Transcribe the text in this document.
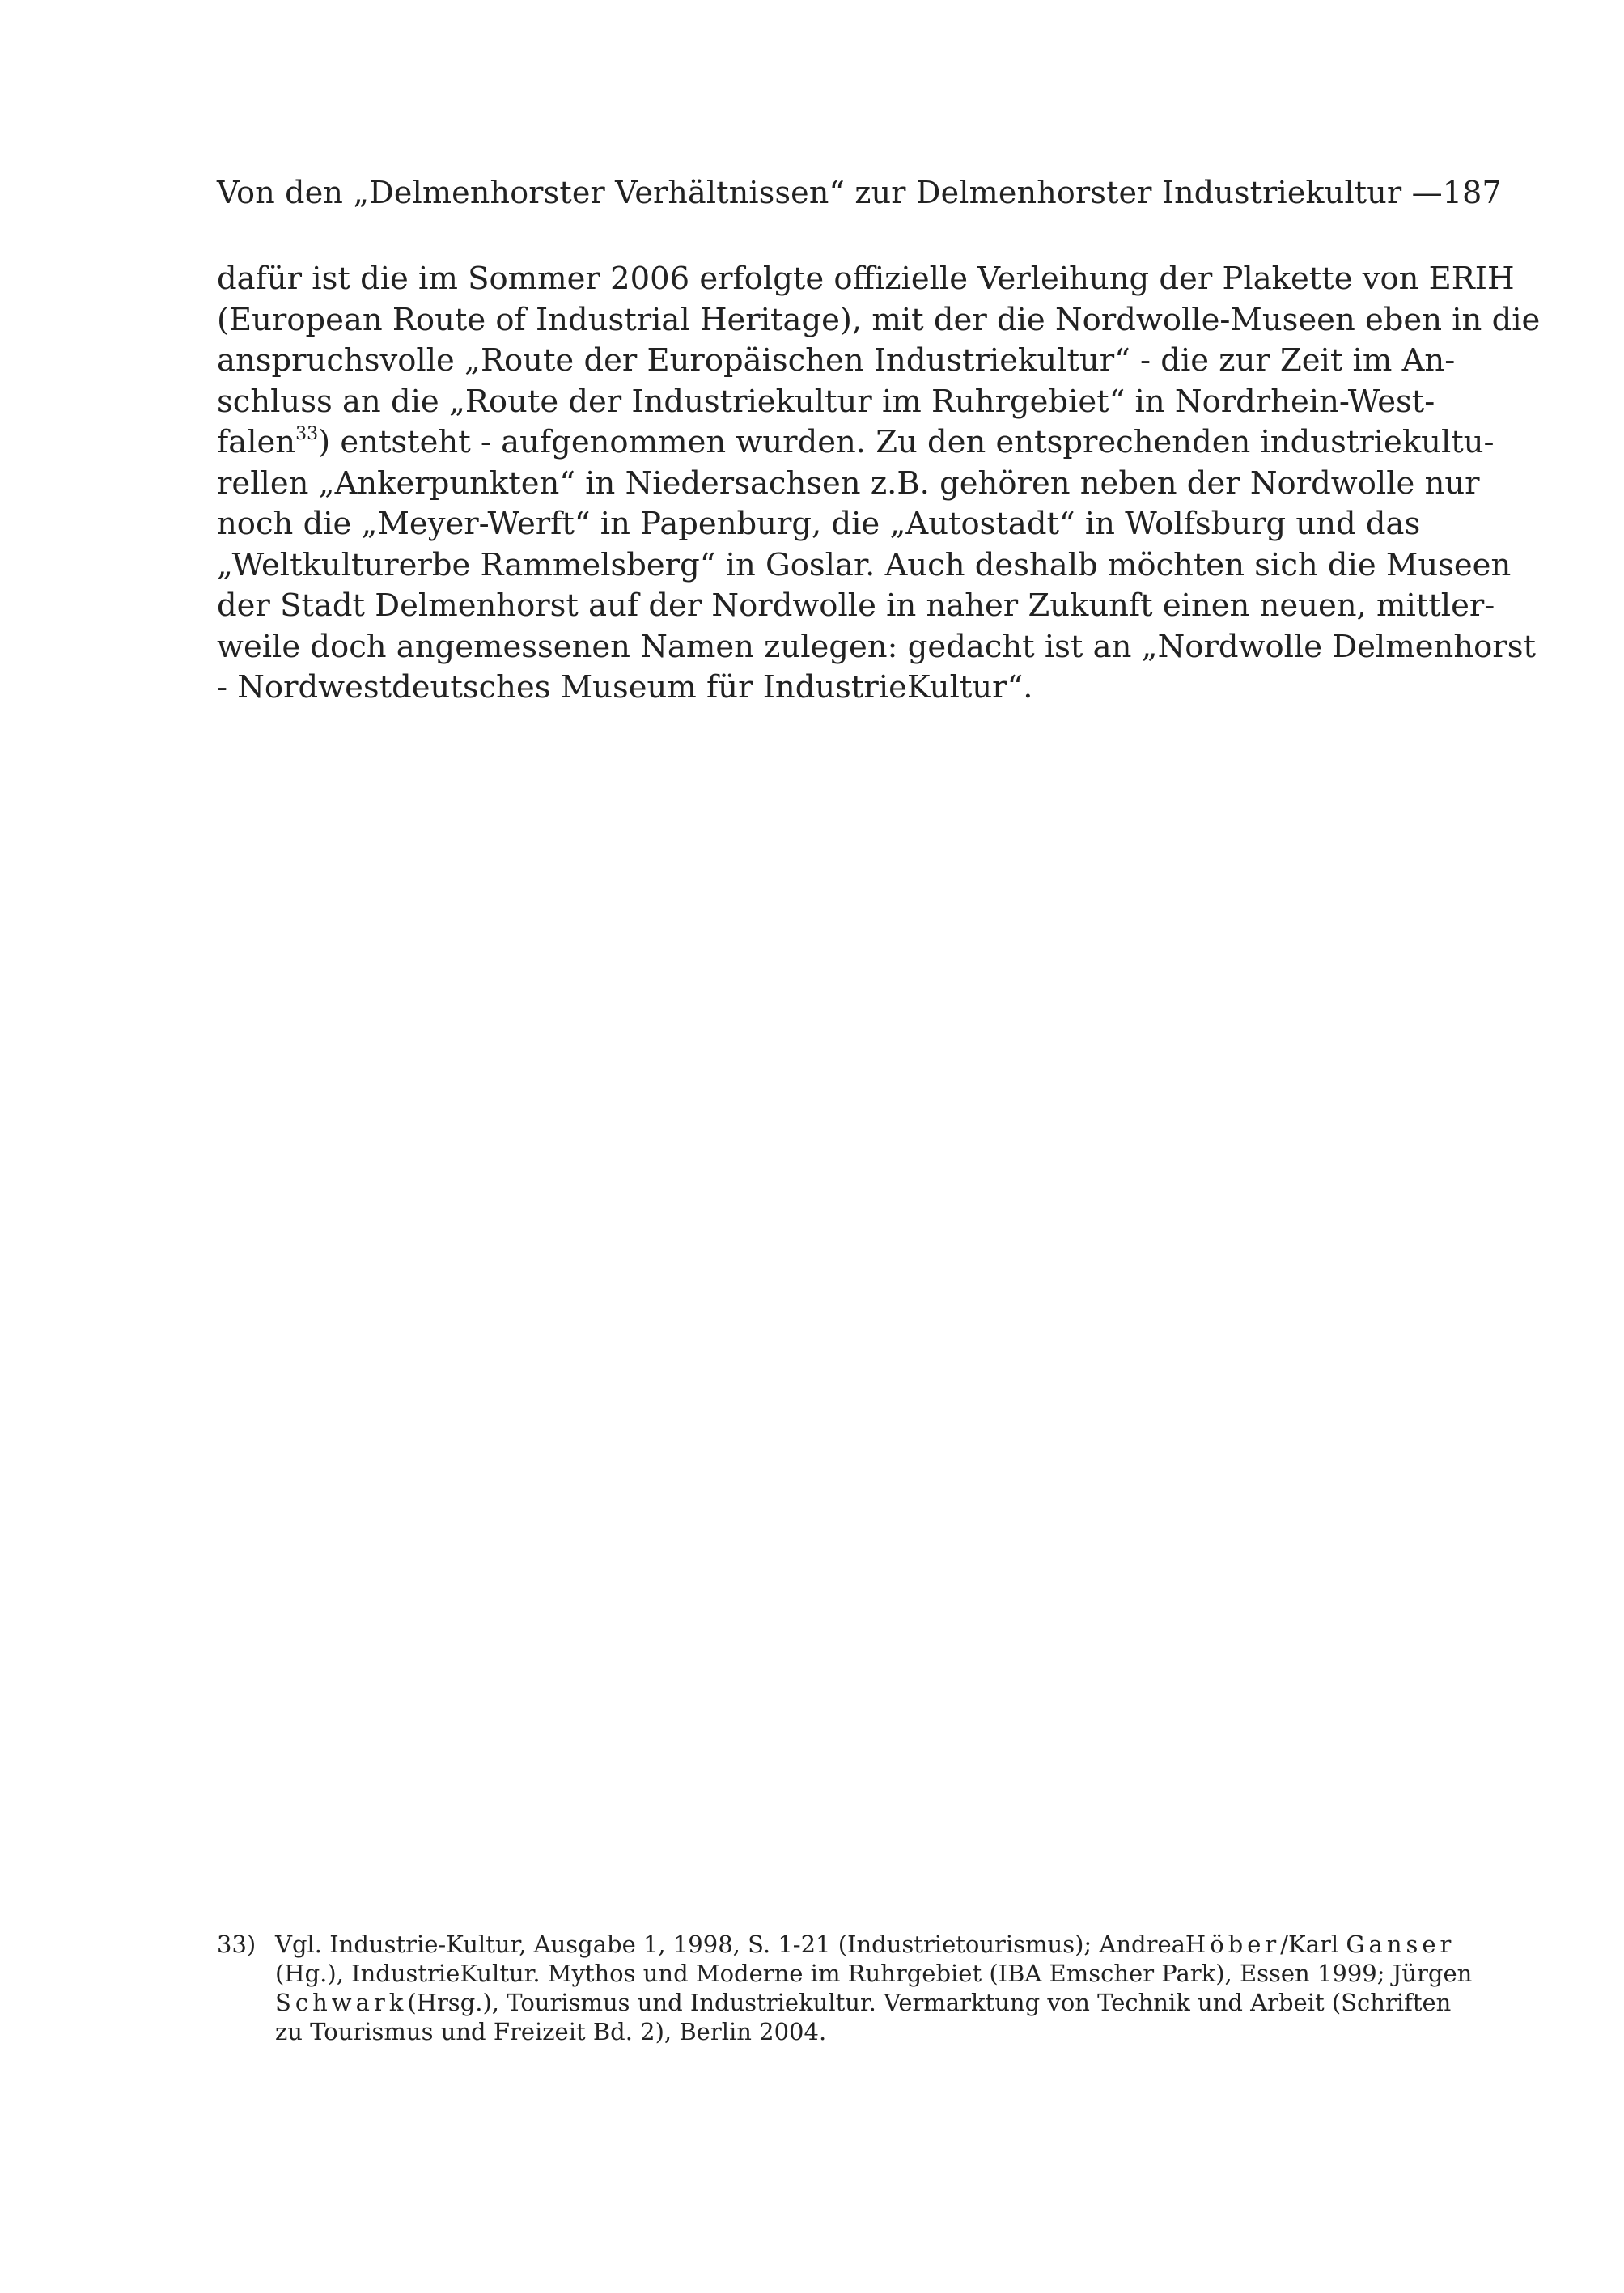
Von den „Delmenhorster Verhältnissen“ zur Delmenhorster Industriekultur — 187
dafür ist die im Sommer 2006 erfolgte offizielle Verleihung der Plakette von ERIH
(European Route of Industrial Heritage), mit der die Nordwolle-Museen eben in die
anspruchsvolle „Route der Europäischen Industriekultur“ - die zur Zeit im An-
schluss an die „Route der Industriekultur im Ruhrgebiet“ in Nordrhein-West-
falen$^{33}$) entsteht - aufgenommen wurden. Zu den entsprechenden industriekultu-
rellen „Ankerpunkten“ in Niedersachsen z.B. gehören neben der Nordwolle nur
noch die „Meyer-Werft“ in Papenburg, die „Autostadt“ in Wolfsburg und das
„Weltkulturerbe Rammelsberg“ in Goslar. Auch deshalb möchten sich die Museen
der Stadt Delmenhorst auf der Nordwolle in naher Zukunft einen neuen, mittler-
weile doch angemessenen Namen zulegen: gedacht ist an „Nordwolle Delmenhorst
- Nordwestdeutsches Museum für IndustrieKultur“.
33) Vgl. Industrie-Kultur, Ausgabe 1, 1998, S. 1-21 (Industrietourismus); Andrea Höber/Karl Ganser
(Hg.), IndustrieKultur. Mythos und Moderne im Ruhrgebiet (IBA Emscher Park), Essen 1999; Jürgen
Schwark (Hrsg.), Tourismus und Industriekultur. Vermarktung von Technik und Arbeit (Schriften
zu Tourismus und Freizeit Bd. 2), Berlin 2004.
